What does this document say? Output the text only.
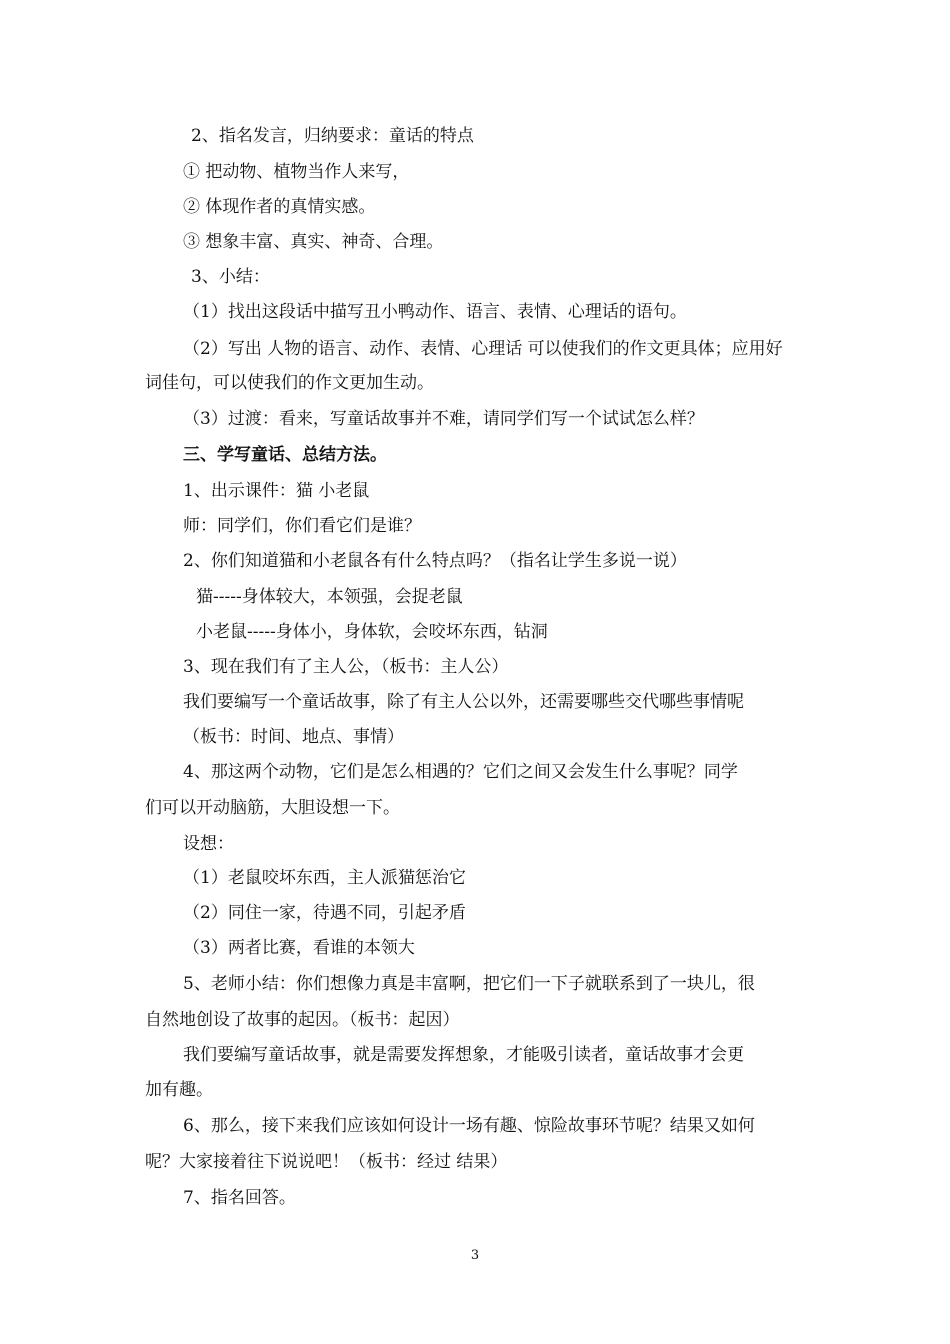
2、指名发言，归纳要求：童话的特点

① 把动物、植物当作人来写，

② 体现作者的真情实感。

③ 想象丰富、真实、神奇、合理。

3、小结：

（1）找出这段话中描写丑小鸭动作、语言、表情、心理话的语句。

（2）写出 人物的语言、动作、表情、心理话 可以使我们的作文更具体；应用好

词佳句，可以使我们的作文更加生动。

（3）过渡：看来，写童话故事并不难，请同学们写一个试试怎么样？

三、学写童话、总结方法。

1、出示课件：猫 小老鼠

师：同学们，你们看它们是谁？

2、你们知道猫和小老鼠各有什么特点吗？（指名让学生多说一说）

猫-----身体较大，本领强，会捉老鼠

小老鼠-----身体小，身体软，会咬坏东西，钻洞

3、现在我们有了主人公，（板书：主人公）

我们要编写一个童话故事，除了有主人公以外，还需要哪些交代哪些事情呢

（板书：时间、地点、事情）

4、那这两个动物，它们是怎么相遇的？它们之间又会发生什么事呢？同学

们可以开动脑筋，大胆设想一下。

设想：

（1）老鼠咬坏东西，主人派猫惩治它

（2）同住一家，待遇不同，引起矛盾

（3）两者比赛，看谁的本领大

5、老师小结：你们想像力真是丰富啊，把它们一下子就联系到了一块儿，很

自然地创设了故事的起因。（板书：起因）

我们要编写童话故事，就是需要发挥想象，才能吸引读者，童话故事才会更

加有趣。

6、那么，接下来我们应该如何设计一场有趣、惊险故事环节呢？结果又如何

呢？大家接着往下说说吧！（板书：经过 结果）

7、指名回答。

3
